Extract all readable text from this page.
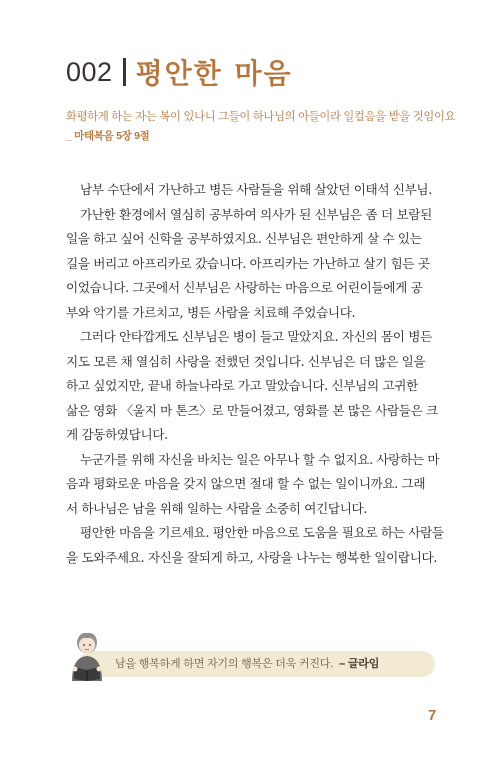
002 평안한 마음
화평하게 하는 자는 복이 있나니 그들이 하나님의 아들이라 일컬음을 받을 것임이요
_ 마태복음 5장 9절
남부 수단에서 가난하고 병든 사람들을 위해 살았던 이태석 신부님.
가난한 환경에서 열심히 공부하여 의사가 된 신부님은 좀 더 보람된
일을 하고 싶어 신학을 공부하였지요. 신부님은 편안하게 살 수 있는
길을 버리고 아프리카로 갔습니다. 아프리카는 가난하고 살기 힘든 곳
이었습니다. 그곳에서 신부님은 사랑하는 마음으로 어린이들에게 공
부와 악기를 가르치고, 병든 사람을 치료해 주었습니다.
그러다 안타깝게도 신부님은 병이 들고 말았지요. 자신의 몸이 병든
지도 모른 채 열심히 사랑을 전했던 것입니다. 신부님은 더 많은 일을
하고 싶었지만, 끝내 하늘나라로 가고 말았습니다. 신부님의 고귀한
삶은 영화 〈울지 마 톤즈〉로 만들어졌고, 영화를 본 많은 사람들은 크
게 감동하였답니다.
누군가를 위해 자신을 바치는 일은 아무나 할 수 없지요. 사랑하는 마
음과 평화로운 마음을 갖지 않으면 절대 할 수 없는 일이니까요. 그래
서 하나님은 남을 위해 일하는 사람을 소중히 여긴답니다.
평안한 마음을 기르세요. 평안한 마음으로 도움을 필요로 하는 사람들
을 도와주세요. 자신을 잘되게 하고, 사랑을 나누는 행복한 일이랍니다.
남을 행복하게 하면 자기의 행복은 더욱 커진다. – 글라임
7
